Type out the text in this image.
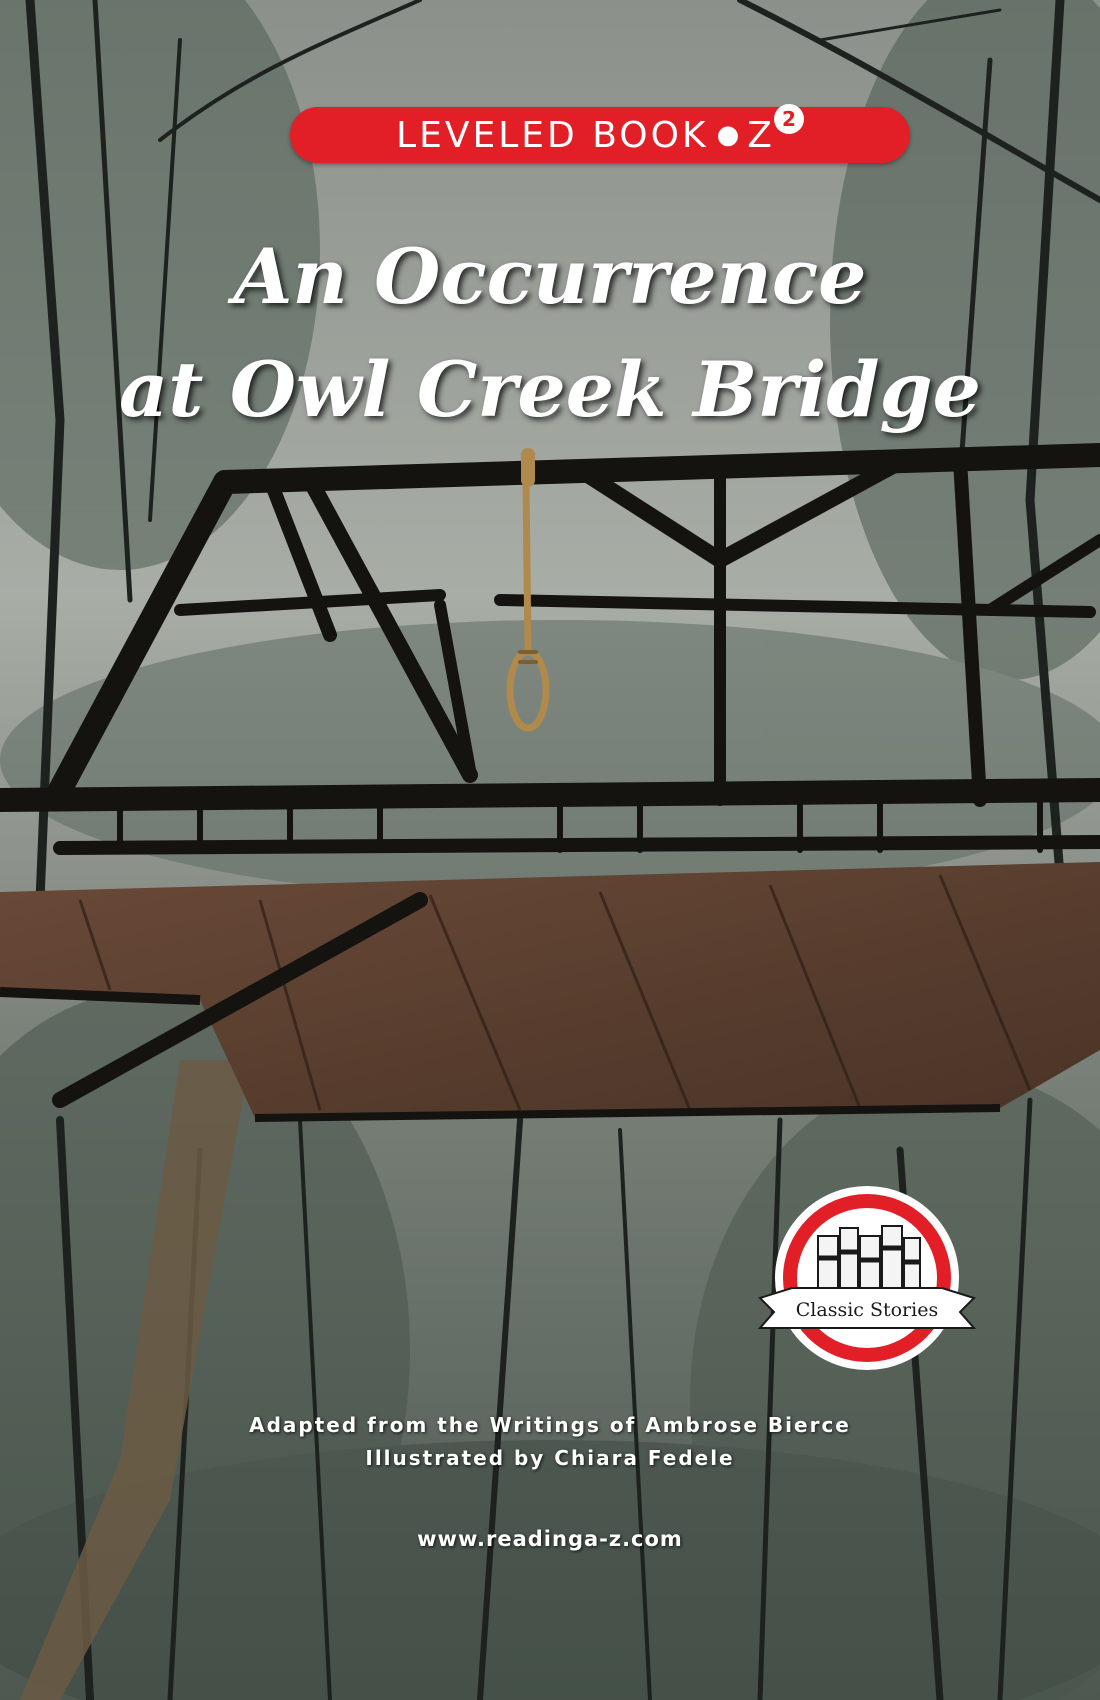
LEVELED BOOK ● Z 2
An Occurrence
at Owl Creek Bridge
Classic Stories
Adapted from the Writings of Ambrose Bierce
Illustrated by Chiara Fedele
www.readinga-z.com
